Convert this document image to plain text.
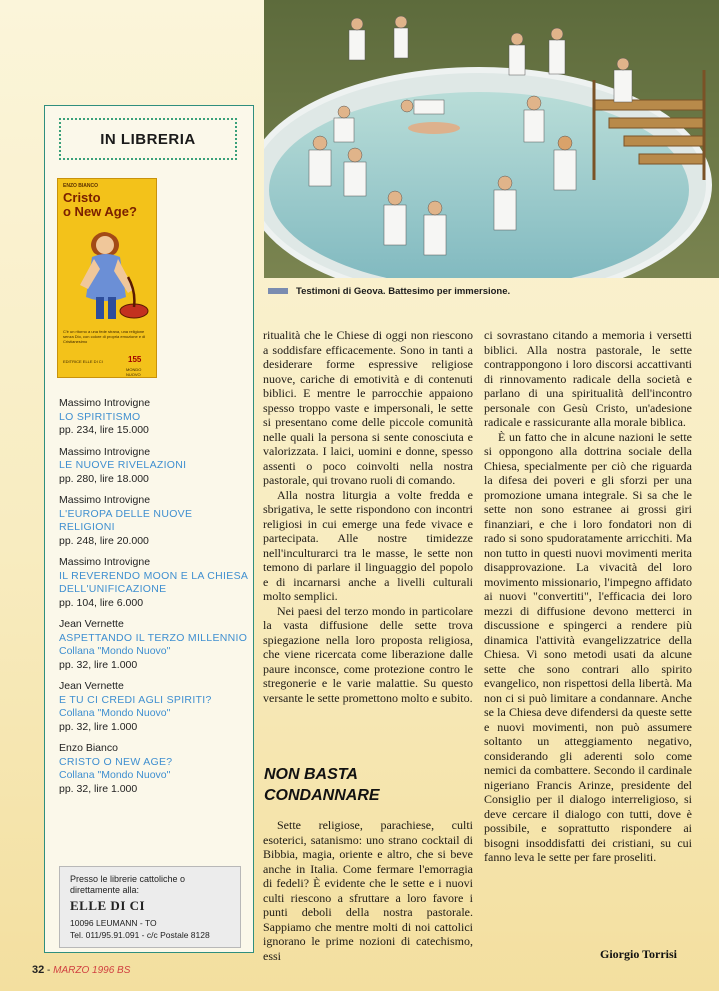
IN LIBRERIA
ENZO BIANCO
Cristo
o New Age?
C'è un ritorno a una fede strana, una religione senza Dio, con colore di propria emozione e di Cristianesimo
EDITRICE ELLE DI CI	155
MONDO NUOVO
Massimo Introvigne
LO SPIRITISMO
pp. 234, lire 15.000
Massimo Introvigne
LE NUOVE RIVELAZIONI
pp. 280, lire 18.000
Massimo Introvigne
L'EUROPA DELLE NUOVE RELIGIONI
pp. 248, lire 20.000
Massimo Introvigne
IL REVERENDO MOON E LA CHIESA DELL'UNIFICAZIONE
pp. 104, lire 6.000
Jean Vernette
ASPETTANDO IL TERZO MILLENNIO
Collana "Mondo Nuovo"
pp. 32, lire 1.000
Jean Vernette
E TU CI CREDI AGLI SPIRITI?
Collana "Mondo Nuovo"
pp. 32, lire 1.000
Enzo Bianco
CRISTO O NEW AGE?
Collana "Mondo Nuovo"
pp. 32, lire 1.000
Presso le librerie cattoliche o direttamente alla:
ELLE DI CI
10096 LEUMANN - TO
Tel. 011/95.91.091 - c/c Postale 8128
Testimoni di Geova. Battesimo per immersione.

ritualità che le Chiese di oggi non riescono a soddisfare efficacemente. Sono in tanti a desiderare forme espressive religiose nuove, cariche di emotività e di contenuti biblici. E mentre le parrocchie appaiono spesso troppo vaste e impersonali, le sette si presentano come delle piccole comunità nelle quali la persona si sente conosciuta e valorizzata. I laici, uomini e donne, spesso assenti o poco coinvolti nella nostra pastorale, qui trovano ruoli di comando.

Alla nostra liturgia a volte fredda e sbrigativa, le sette rispondono con incontri religiosi in cui emerge una fede vivace e partecipata. Alle nostre timidezze nell'inculturarci tra le masse, le sette non temono di parlare il linguaggio del popolo e di incarnarsi anche a livelli culturali molto semplici.

Nei paesi del terzo mondo in particolare la vasta diffusione delle sette trova spiegazione nella loro proposta religiosa, che viene ricercata come liberazione dalle paure inconsce, come protezione contro le stregonerie e le varie malattie. Su questo versante le sette promettono molto e subito.

NON BASTA CONDANNARE

Sette religiose, parachiese, culti esoterici, satanismo: uno strano cocktail di Bibbia, magia, oriente e altro, che si beve anche in Italia. Come fermare l'emorragia di fedeli? È evidente che le sette e i nuovi culti riescono a sfruttare a loro favore i punti deboli della nostra pastorale. Sappiamo che mentre molti di noi cattolici ignorano le prime nozioni di catechismo, essi

ci sovrastano citando a memoria i versetti biblici. Alla nostra pastorale, le sette contrappongono i loro discorsi accattivanti di rinnovamento radicale della società e parlano di una spiritualità dell'incontro personale con Gesù Cristo, un'adesione radicale e rassicurante alla morale biblica.

È un fatto che in alcune nazioni le sette si oppongono alla dottrina sociale della Chiesa, specialmente per ciò che riguarda la difesa dei poveri e gli sforzi per una promozione umana integrale. Si sa che le sette non sono estranee ai grossi giri finanziari, e che i loro fondatori non di rado si sono spudoratamente arricchiti. Ma non tutto in questi nuovi movimenti merita disapprovazione. La vivacità del loro movimento missionario, l'impegno affidato ai nuovi "convertiti", l'efficacia dei loro mezzi di diffusione devono metterci in discussione e spingerci a rendere più dinamica l'attività evangelizzatrice della Chiesa. Vi sono metodi usati da alcune sette che sono contrari allo spirito evangelico, non rispettosi della libertà. Ma non ci si può limitare a condannare. Anche se la Chiesa deve difendersi da queste sette e nuovi movimenti, non può assumere soltanto un atteggiamento negativo, considerando gli aderenti solo come nemici da combattere. Secondo il cardinale nigeriano Francis Arinze, presidente del Consiglio per il dialogo interreligioso, si deve cercare il dialogo con tutti, dove è possibile, e soprattutto rispondere ai bisogni insoddisfatti dei cristiani, su cui fanno leva le sette per fare proseliti.

Giorgio Torrisi
32 - MARZO 1996 BS
